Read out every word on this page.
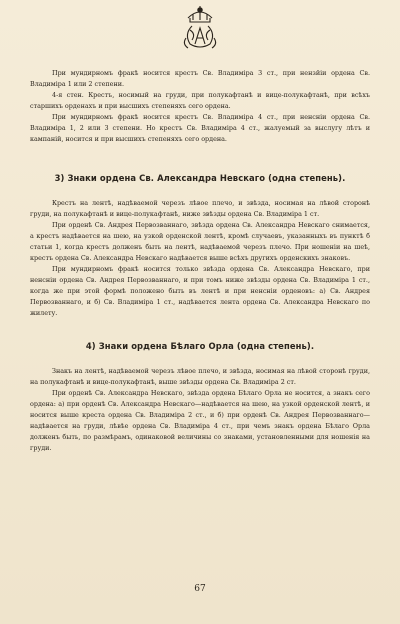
При мундирномъ фракѣ носится крестъ Св. Владиміра 3 ст., при нензйіи ордена Св. Владиміра 1 или 2 степени.

4-я стен. Крестъ, носимый на груди, при полукафтанѣ и вице-полукафтанѣ, при всѣхъ старшихъ орденахъ и при высшихъ степеняхъ сего ордена.

При мундирномъ фракѣ носится крестъ Св. Владиміра 4 ст., при ненсніи ордена Св. Владиміра 1, 2 или 3 степени. Но крестъ Св. Владиміра 4 ст., жалуемый за выслугу лѣтъ и кампаній, носится и при высшихъ степеняхъ сего ордена.

3) Знаки ордена Св. Александра Невскаго (одна степень).

Крестъ на лентѣ, надѣваемой черезъ лѣвое плечо, и звѣзда, носимая на лѣвой сторонѣ груди, на полукафтанѣ и вице-полукафтанѣ, ниже звѣзды ордена Св. Владиміра 1 ст.

При орденѣ Св. Андрея Первозваннаго, звѣзда ордена Св. Александра Невскаго снимается, а крестъ надѣвается на шею, на узкой орденской лентѣ, кромѣ случаевъ, указанныхъ въ пунктѣ б статьи 1, когда крестъ долженъ быть на лентѣ, надѣваемой черезъ плечо. При ношеніи на шеѣ, крестъ ордена Св. Александра Невскаго надѣвается выше всѣхъ другихъ орденскихъ знаковъ.

При мундирномъ фракѣ носится только звѣзда ордена Св. Александра Невскаго, при ненсніи ордена Св. Андрея Первозваннаго, и при томъ ниже звѣзды ордена Св. Владиміра 1 ст., когда же при этой формѣ положено быть въ лентѣ и при ненсніи орденовъ: а) Св. Андрея Первозваннаго, и б) Св. Владиміра 1 ст., надѣвается лента ордена Св. Александра Невскаго по жилету.

4) Знаки ордена Бѣлаго Орла (одна степень).

Знакъ на лентѣ, надѣваемой черезъ лѣвое плечо, и звѣзда, носимая на лѣвой сторонѣ груди, на полукафтанѣ и вице-полукафтанѣ, выше звѣзды ордена Св. Владиміра 2 ст.

При орденѣ Св. Александра Невскаго, звѣзда ордена Бѣлаго Орла не носится, а знакъ сего ордена: а) при орденѣ Св. Александра Невскаго—надѣвается на шею, на узкой орденской лентѣ, и носится выше креста ордена Св. Владиміра 2 ст., и б) при орденѣ Св. Андрея Первозваннаго—надѣвается на груди, лѣвѣе ордена Св. Владиміра 4 ст., при чемъ знакъ ордена Бѣлаго Орла долженъ быть, по размѣрамъ, одинаковой величины со знаками, установленными для ношенія на груди.

67
